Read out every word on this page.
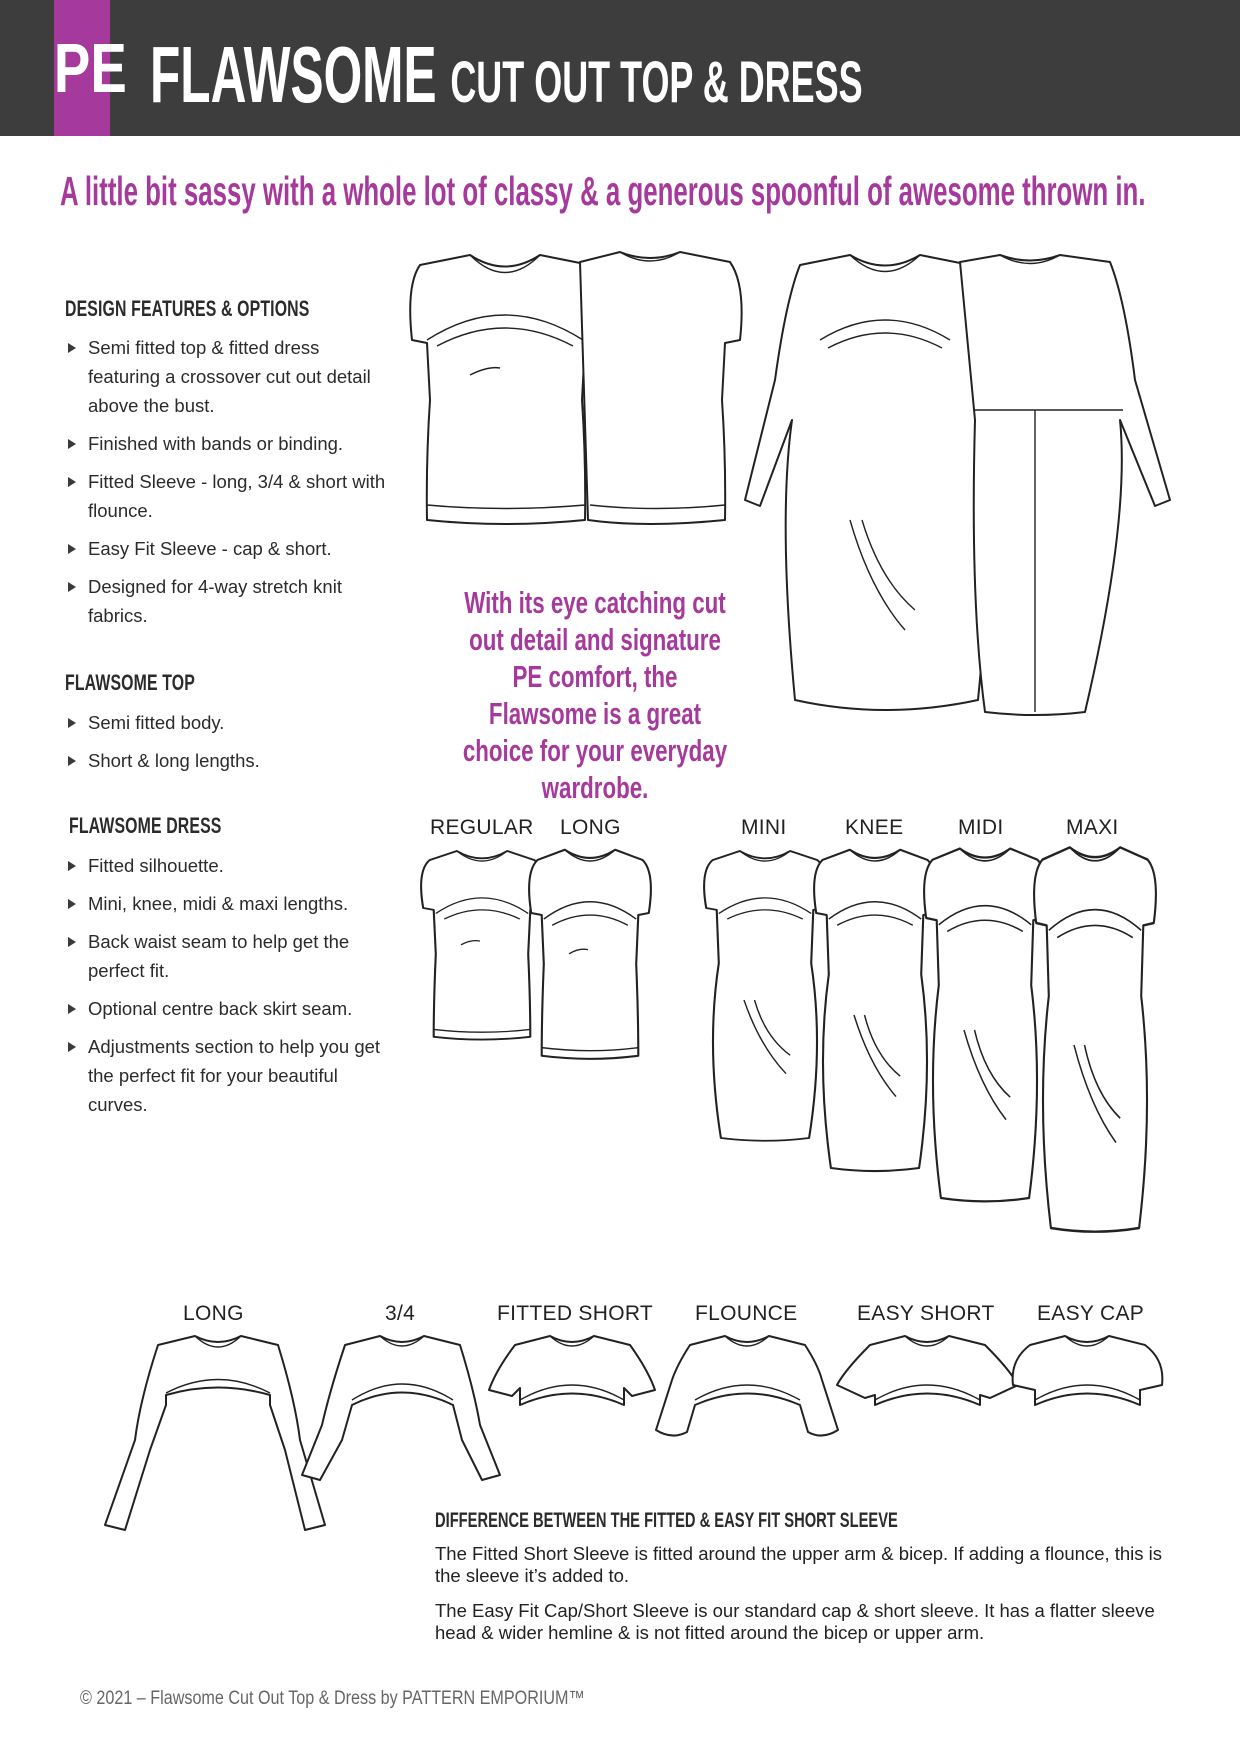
PE FLAWSOME CUT OUT TOP & DRESS
A little bit sassy with a whole lot of classy & a generous spoonful of awesome thrown in.
DESIGN FEATURES & OPTIONS
Semi fitted top & fitted dress featuring a crossover cut out detail above the bust.
Finished with bands or binding.
Fitted Sleeve - long, 3/4 & short with flounce.
Easy Fit Sleeve - cap & short.
Designed for 4-way stretch knit fabrics.
FLAWSOME TOP
Semi fitted body.
Short & long lengths.
FLAWSOME DRESS
Fitted silhouette.
Mini, knee, midi & maxi lengths.
Back waist seam to help get the perfect fit.
Optional centre back skirt seam.
Adjustments section to help you get the perfect fit for your beautiful curves.
With its eye catching cut out detail and signature PE comfort, the Flawsome is a great choice for your everyday wardrobe.
REGULAR LONG	MINI	KNEE	MIDI	MAXI
LONG	3/4	FITTED SHORT FLOUNCE	EASY SHORT EASY CAP
DIFFERENCE BETWEEN THE FITTED & EASY FIT SHORT SLEEVE
The Fitted Short Sleeve is fitted around the upper arm & bicep. If adding a flounce, this is the sleeve it’s added to.
The Easy Fit Cap/Short Sleeve is our standard cap & short sleeve. It has a flatter sleeve head & wider hemline & is not fitted around the bicep or upper arm.
© 2021 – Flawsome Cut Out Top & Dress by PATTERN EMPORIUM™
